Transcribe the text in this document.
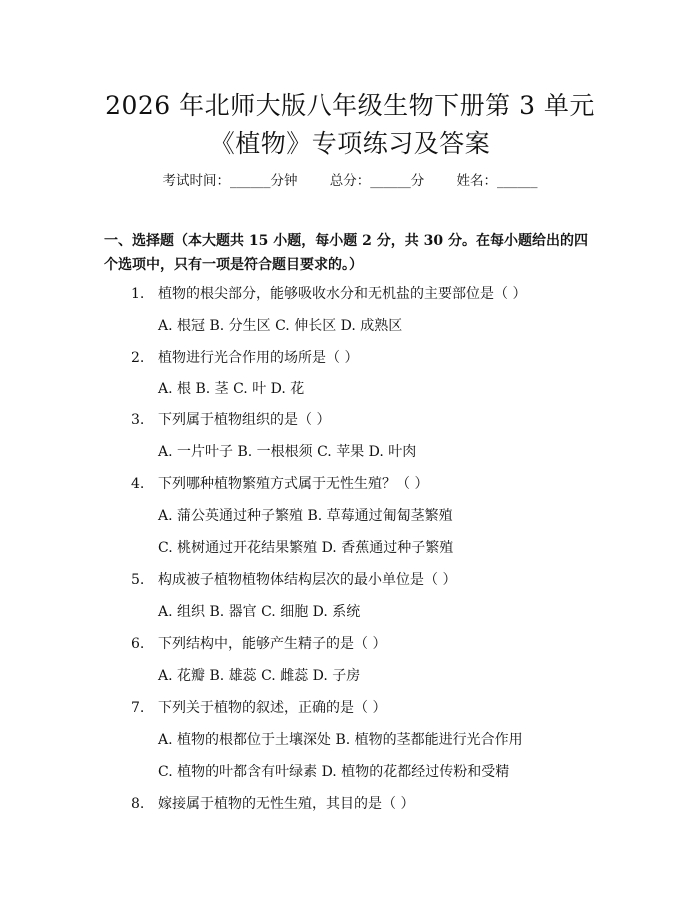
2026 年北师大版八年级生物下册第 3 单元
《植物》专项练习及答案
考试时间：______分钟 总分：______分 姓名：______

一、选择题（本大题共 15 小题，每小题 2 分，共 30 分。在每小题给出的四个选项中，只有一项是符合题目要求的。）

1. 植物的根尖部分，能够吸收水分和无机盐的主要部位是（ ）
A. 根冠 B. 分生区 C. 伸长区 D. 成熟区
2. 植物进行光合作用的场所是（ ）
A. 根 B. 茎 C. 叶 D. 花
3. 下列属于植物组织的是（ ）
A. 一片叶子 B. 一根根须 C. 苹果 D. 叶肉
4. 下列哪种植物繁殖方式属于无性生殖？（ ）
A. 蒲公英通过种子繁殖 B. 草莓通过匍匐茎繁殖
C. 桃树通过开花结果繁殖 D. 香蕉通过种子繁殖
5. 构成被子植物植物体结构层次的最小单位是（ ）
A. 组织 B. 器官 C. 细胞 D. 系统
6. 下列结构中，能够产生精子的是（ ）
A. 花瓣 B. 雄蕊 C. 雌蕊 D. 子房
7. 下列关于植物的叙述，正确的是（ ）
A. 植物的根都位于土壤深处 B. 植物的茎都能进行光合作用
C. 植物的叶都含有叶绿素 D. 植物的花都经过传粉和受精
8. 嫁接属于植物的无性生殖，其目的是（ ）
